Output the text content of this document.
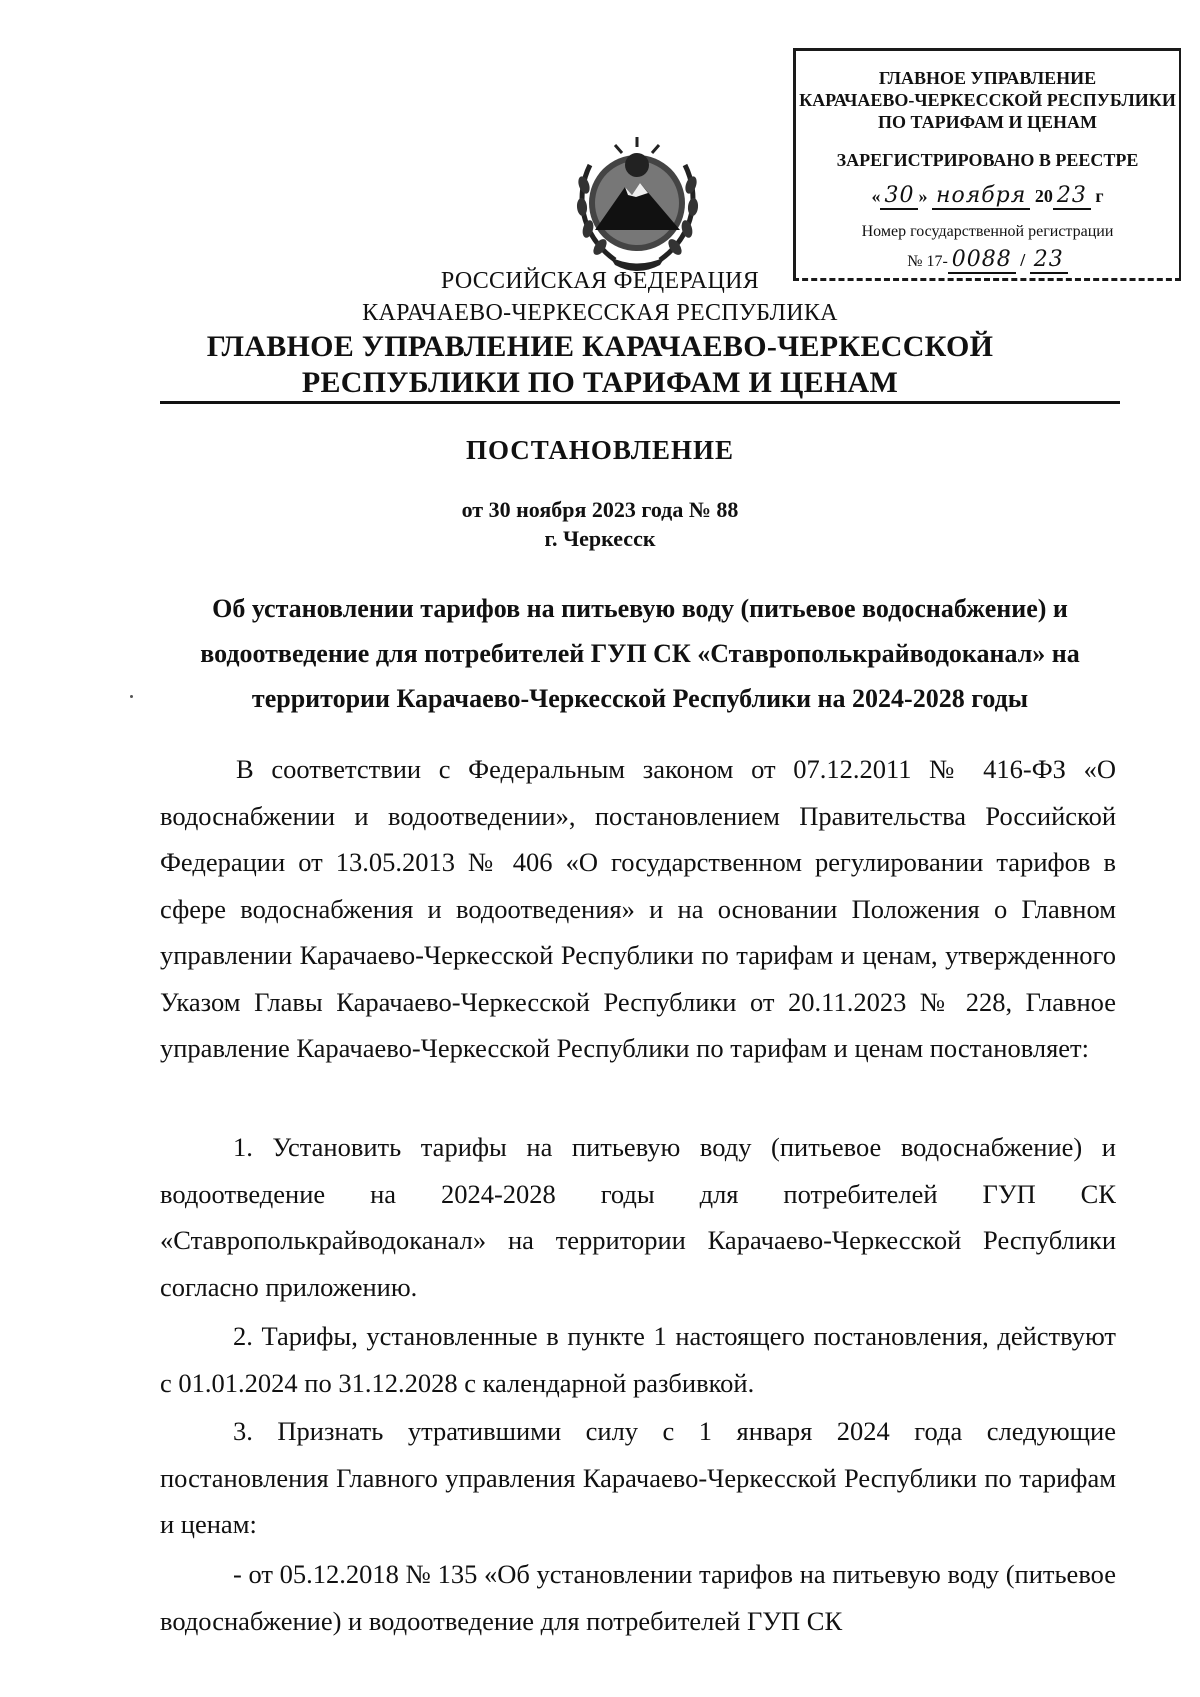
ГЛАВНОЕ УПРАВЛЕНИЕ
КАРАЧАЕВО-ЧЕРКЕССКОЙ РЕСПУБЛИКИ
ПО ТАРИФАМ И ЦЕНАМ
ЗАРЕГИСТРИРОВАНО В РЕЕСТРЕ
« 30 » ноября 20 23 г
Номер государственной регистрации
№ 17- 0088 / 23
РОССИЙСКАЯ ФЕДЕРАЦИЯ
КАРАЧАЕВО-ЧЕРКЕССКАЯ РЕСПУБЛИКА
ГЛАВНОЕ УПРАВЛЕНИЕ КАРАЧАЕВО-ЧЕРКЕССКОЙ
РЕСПУБЛИКИ ПО ТАРИФАМ И ЦЕНАМ
ПОСТАНОВЛЕНИЕ
от 30 ноября 2023 года № 88
г. Черкесск
Об установлении тарифов на питьевую воду (питьевое водоснабжение) и водоотведение для потребителей ГУП СК «Ставрополькрайводоканал» на территории Карачаево-Черкесской Республики на 2024-2028 годы
В соответствии с Федеральным законом от 07.12.2011 № 416-ФЗ «О водоснабжении и водоотведении», постановлением Правительства Российской Федерации от 13.05.2013 № 406 «О государственном регулировании тарифов в сфере водоснабжения и водоотведения» и на основании Положения о Главном управлении Карачаево-Черкесской Республики по тарифам и ценам, утвержденного Указом Главы Карачаево-Черкесской Республики от 20.11.2023 № 228, Главное управление Карачаево-Черкесской Республики по тарифам и ценам постановляет:
1. Установить тарифы на питьевую воду (питьевое водоснабжение) и водоотведение на 2024-2028 годы для потребителей ГУП СК «Ставрополькрайводоканал» на территории Карачаево-Черкесской Республики согласно приложению.
2. Тарифы, установленные в пункте 1 настоящего постановления, действуют с 01.01.2024 по 31.12.2028 с календарной разбивкой.
3. Признать утратившими силу с 1 января 2024 года следующие постановления Главного управления Карачаево-Черкесской Республики по тарифам и ценам:
- от 05.12.2018 № 135 «Об установлении тарифов на питьевую воду (питьевое водоснабжение) и водоотведение для потребителей ГУП СК
